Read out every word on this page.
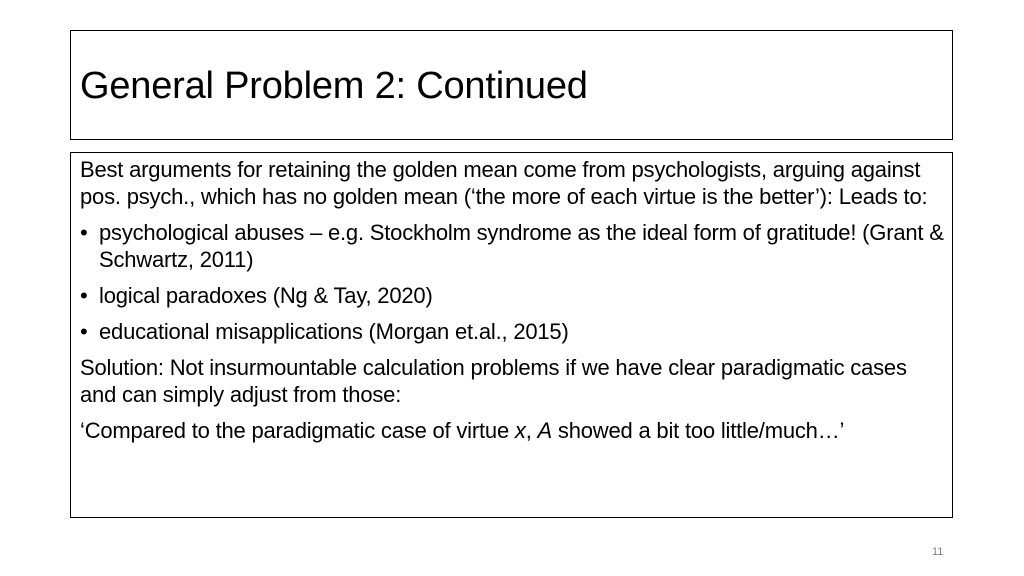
General Problem 2: Continued

Best arguments for retaining the golden mean come from psychologists, arguing against pos. psych., which has no golden mean (‘the more of each virtue is the better’): Leads to:

• psychological abuses – e.g. Stockholm syndrome as the ideal form of gratitude! (Grant & Schwartz, 2011)
• logical paradoxes (Ng & Tay, 2020)
• educational misapplications (Morgan et.al., 2015)

Solution: Not insurmountable calculation problems if we have clear paradigmatic cases and can simply adjust from those:

‘Compared to the paradigmatic case of virtue x, A showed a bit too little/much…’

11
